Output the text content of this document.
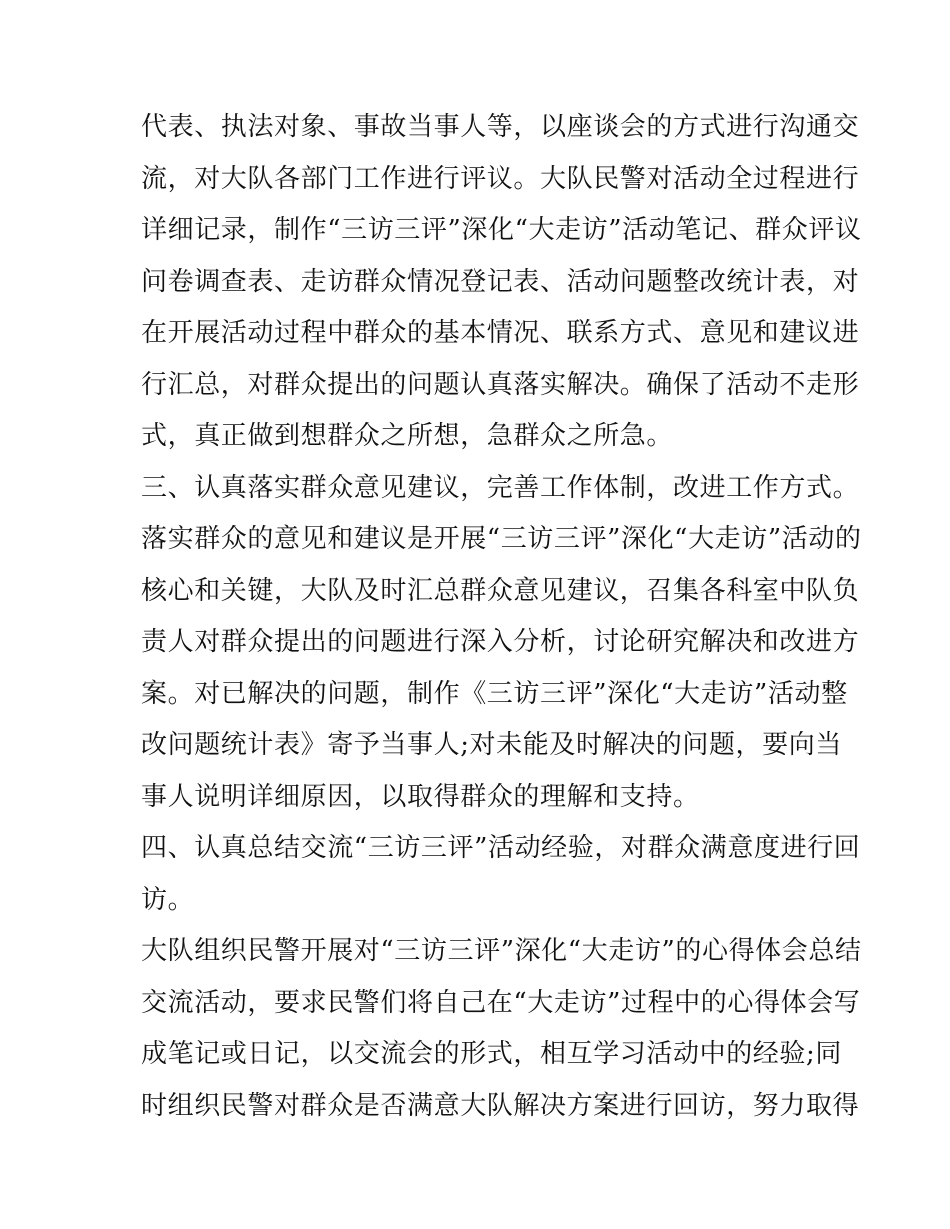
代表、执法对象、事故当事人等，以座谈会的方式进行沟通交
流，对大队各部门工作进行评议。大队民警对活动全过程进行
详细记录，制作“三访三评”深化“大走访”活动笔记、群众评议
问卷调查表、走访群众情况登记表、活动问题整改统计表，对
在开展活动过程中群众的基本情况、联系方式、意见和建议进
行汇总，对群众提出的问题认真落实解决。确保了活动不走形
式，真正做到想群众之所想，急群众之所急。
三、认真落实群众意见建议，完善工作体制，改进工作方式。
落实群众的意见和建议是开展“三访三评”深化“大走访”活动的
核心和关键，大队及时汇总群众意见建议，召集各科室中队负
责人对群众提出的问题进行深入分析，讨论研究解决和改进方
案。对已解决的问题，制作《三访三评”深化“大走访”活动整
改问题统计表》寄予当事人;对未能及时解决的问题，要向当
事人说明详细原因，以取得群众的理解和支持。
四、认真总结交流“三访三评”活动经验，对群众满意度进行回
访。
大队组织民警开展对“三访三评”深化“大走访”的心得体会总结
交流活动，要求民警们将自己在“大走访”过程中的心得体会写
成笔记或日记，以交流会的形式，相互学习活动中的经验;同
时组织民警对群众是否满意大队解决方案进行回访，努力取得
